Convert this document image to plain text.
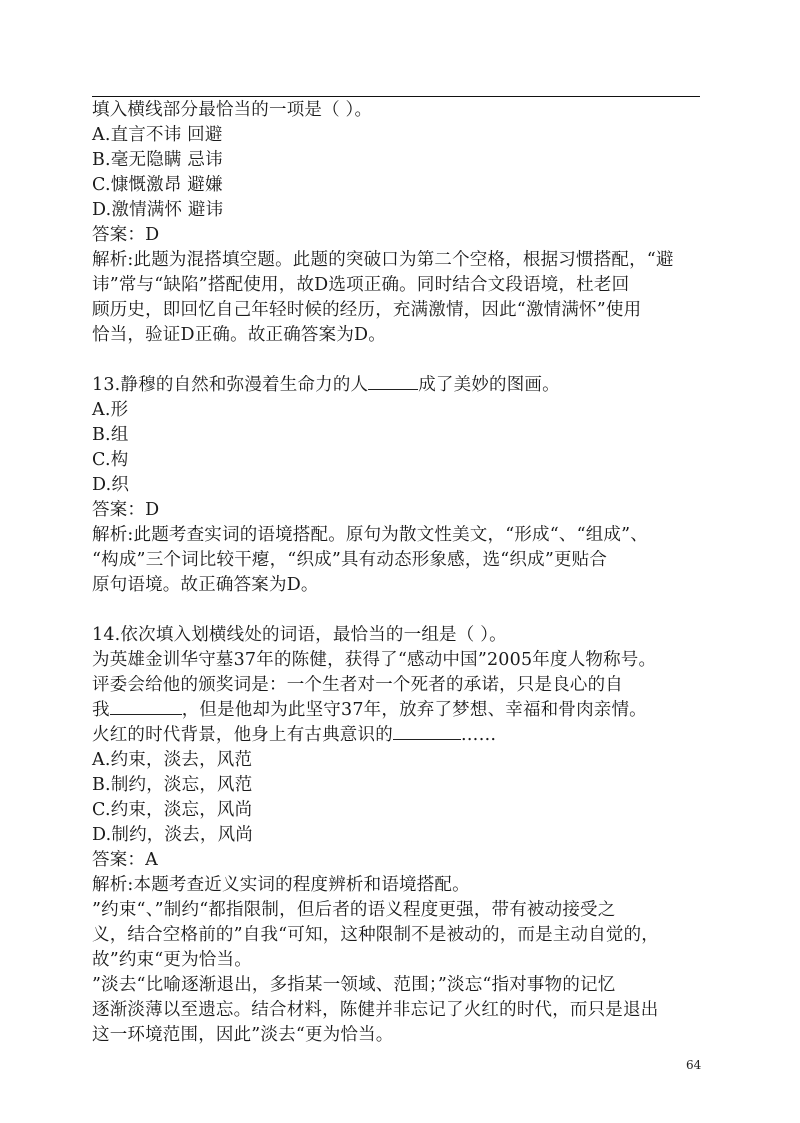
填入横线部分最恰当的一项是（ ）。
A.直言不讳 回避
B.毫无隐瞒 忌讳
C.慷慨激昂 避嫌
D.激情满怀 避讳
答案：D
解析:此题为混搭填空题。此题的突破口为第二个空格，根据习惯搭配，“避
讳”常与“缺陷”搭配使用，故D选项正确。同时结合文段语境，杜老回
顾历史，即回忆自己年轻时候的经历，充满激情，因此“激情满怀”使用
恰当，验证D正确。故正确答案为D。
13.静穆的自然和弥漫着生命力的人	成了美妙的图画。
A.形
B.组
C.构
D.织
答案：D
解析:此题考查实词的语境搭配。原句为散文性美文，“形成“、“组成”、
“构成”三个词比较干瘪，“织成”具有动态形象感，选“织成”更贴合
原句语境。故正确答案为D。
14.依次填入划横线处的词语，最恰当的一组是（ ）。
为英雄金训华守墓37年的陈健，获得了“感动中国”2005年度人物称号。
评委会给他的颁奖词是：一个生者对一个死者的承诺，只是良心的自
我	，但是他却为此坚守37年，放弃了梦想、幸福和骨肉亲情。
火红的时代背景，他身上有古典意识的	……
A.约束，淡去，风范
B.制约，淡忘，风范
C.约束，淡忘，风尚
D.制约，淡去，风尚
答案：A
解析:本题考查近义实词的程度辨析和语境搭配。
”约束“、”制约“都指限制，但后者的语义程度更强，带有被动接受之
义，结合空格前的”自我“可知，这种限制不是被动的，而是主动自觉的，
故”约束“更为恰当。
”淡去“比喻逐渐退出，多指某一领域、范围；”淡忘“指对事物的记忆
逐渐淡薄以至遗忘。结合材料，陈健并非忘记了火红的时代，而只是退出
这一环境范围，因此”淡去“更为恰当。
64
